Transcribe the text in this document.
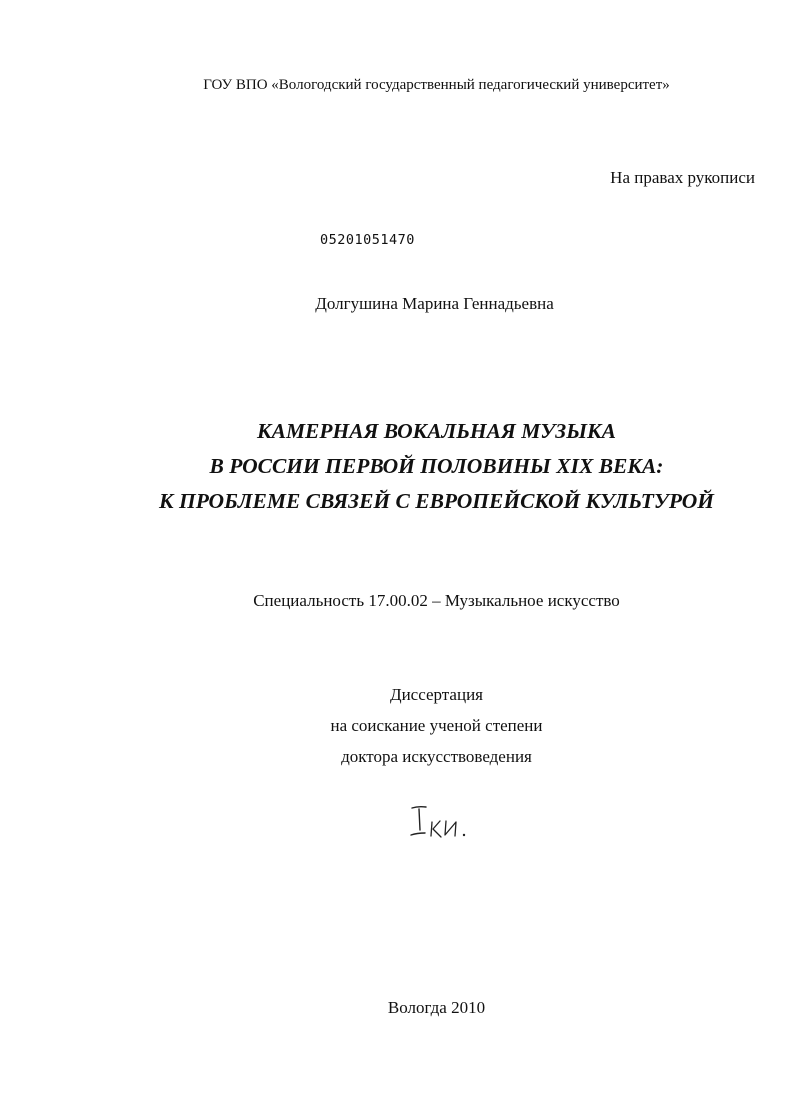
ГОУ ВПО «Вологодский государственный педагогический университет»
На правах рукописи
05201051470
Долгушина Марина Геннадьевна
КАМЕРНАЯ ВОКАЛЬНАЯ МУЗЫКА
В РОССИИ ПЕРВОЙ ПОЛОВИНЫ XIX ВЕКА:
К ПРОБЛЕМЕ СВЯЗЕЙ С ЕВРОПЕЙСКОЙ КУЛЬТУРОЙ
Специальность 17.00.02 – Музыкальное искусство
Диссертация
на соискание ученой степени
доктора искусствоведения
I экз.
Вологда 2010
